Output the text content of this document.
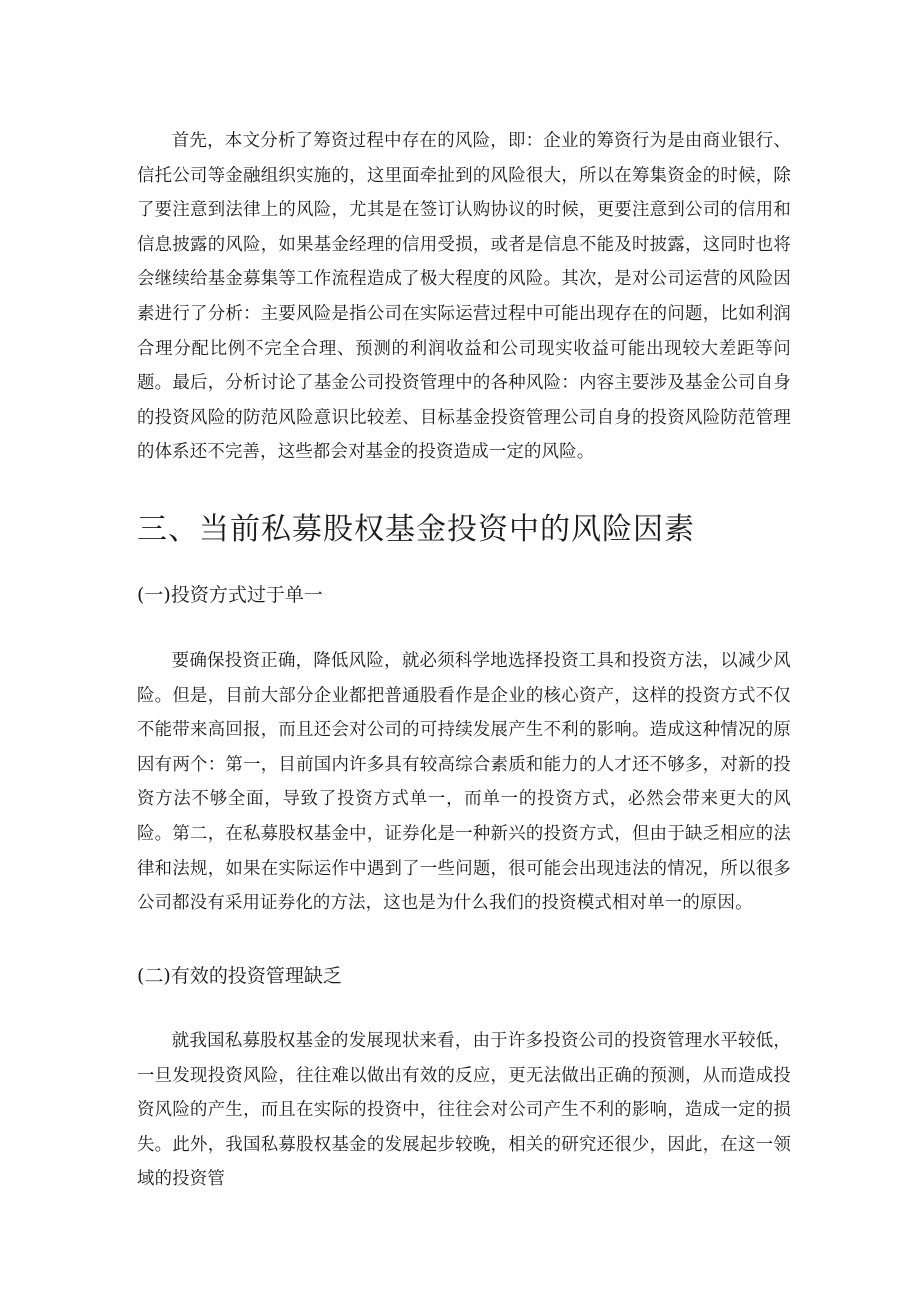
首先，本文分析了筹资过程中存在的风险，即：企业的筹资行为是由商业银行、信托公司等金融组织实施的，这里面牵扯到的风险很大，所以在筹集资金的时候，除了要注意到法律上的风险，尤其是在签订认购协议的时候，更要注意到公司的信用和信息披露的风险，如果基金经理的信用受损，或者是信息不能及时披露，这同时也将会继续给基金募集等工作流程造成了极大程度的风险。其次，是对公司运营的风险因素进行了分析：主要风险是指公司在实际运营过程中可能出现存在的问题，比如利润合理分配比例不完全合理、预测的利润收益和公司现实收益可能出现较大差距等问题。最后，分析讨论了基金公司投资管理中的各种风险：内容主要涉及基金公司自身的投资风险的防范风险意识比较差、目标基金投资管理公司自身的投资风险防范管理的体系还不完善，这些都会对基金的投资造成一定的风险。

三、当前私募股权基金投资中的风险因素
(一)投资方式过于单一

要确保投资正确，降低风险，就必须科学地选择投资工具和投资方法，以减少风险。但是，目前大部分企业都把普通股看作是企业的核心资产，这样的投资方式不仅不能带来高回报，而且还会对公司的可持续发展产生不利的影响。造成这种情况的原因有两个：第一，目前国内许多具有较高综合素质和能力的人才还不够多，对新的投资方法不够全面，导致了投资方式单一，而单一的投资方式，必然会带来更大的风险。第二，在私募股权基金中，证券化是一种新兴的投资方式，但由于缺乏相应的法律和法规，如果在实际运作中遇到了一些问题，很可能会出现违法的情况，所以很多公司都没有采用证券化的方法，这也是为什么我们的投资模式相对单一的原因。

(二)有效的投资管理缺乏

就我国私募股权基金的发展现状来看，由于许多投资公司的投资管理水平较低，一旦发现投资风险，往往难以做出有效的反应，更无法做出正确的预测，从而造成投资风险的产生，而且在实际的投资中，往往会对公司产生不利的影响，造成一定的损失。此外，我国私募股权基金的发展起步较晚，相关的研究还很少，因此，在这一领域的投资管
